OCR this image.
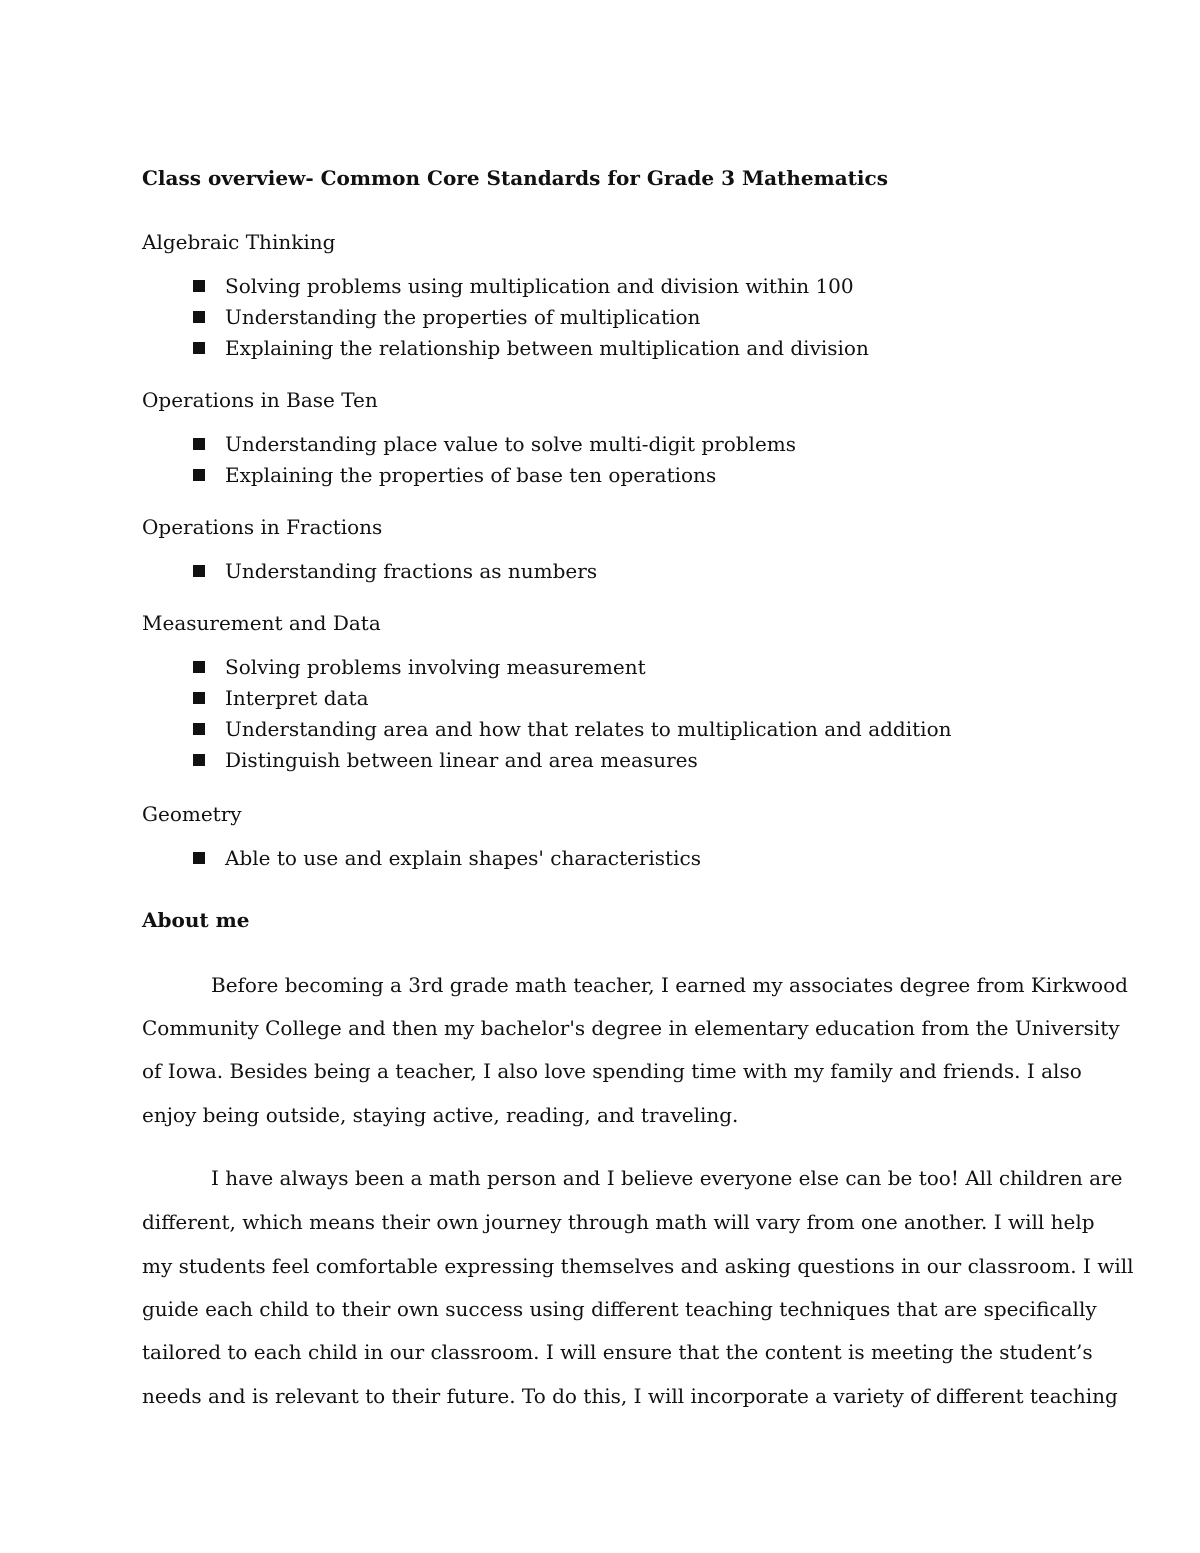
Class overview- Common Core Standards for Grade 3 Mathematics
Algebraic Thinking
Solving problems using multiplication and division within 100
Understanding the properties of multiplication
Explaining the relationship between multiplication and division
Operations in Base Ten
Understanding place value to solve multi-digit problems
Explaining the properties of base ten operations
Operations in Fractions
Understanding fractions as numbers
Measurement and Data
Solving problems involving measurement
Interpret data
Understanding area and how that relates to multiplication and addition
Distinguish between linear and area measures
Geometry
Able to use and explain shapes' characteristics
About me
Before becoming a 3rd grade math teacher, I earned my associates degree from Kirkwood
Community College and then my bachelor's degree in elementary education from the University
of Iowa. Besides being a teacher, I also love spending time with my family and friends. I also
enjoy being outside, staying active, reading, and traveling.
I have always been a math person and I believe everyone else can be too! All children are
different, which means their own journey through math will vary from one another. I will help
my students feel comfortable expressing themselves and asking questions in our classroom. I will
guide each child to their own success using different teaching techniques that are specifically
tailored to each child in our classroom. I will ensure that the content is meeting the student’s
needs and is relevant to their future. To do this, I will incorporate a variety of different teaching
